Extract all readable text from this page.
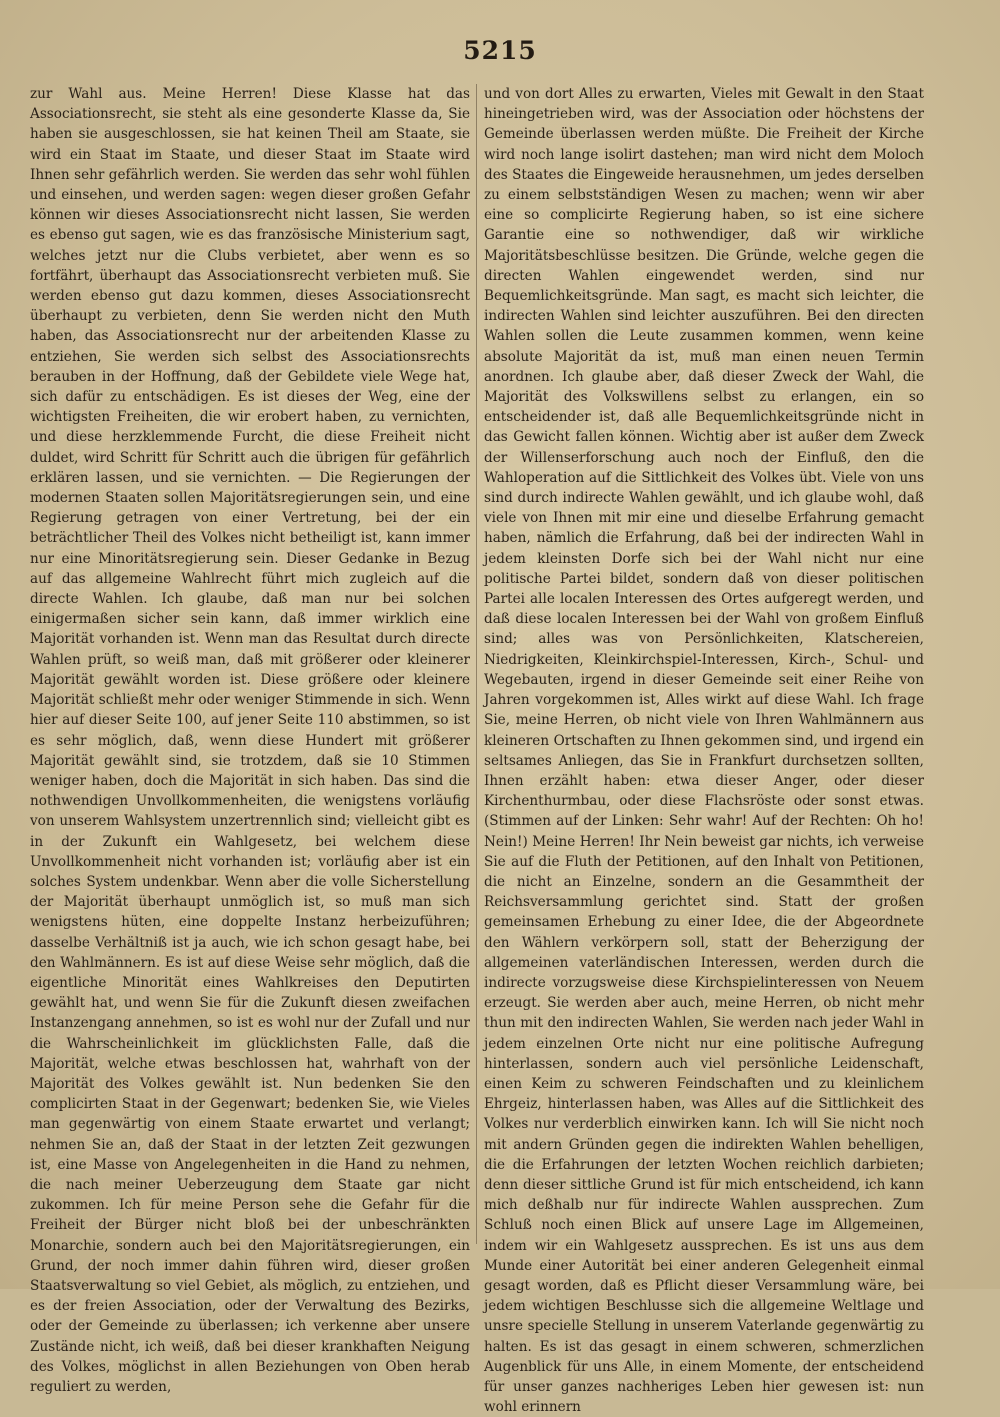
5215

zur Wahl aus. Meine Herren! Diese Klasse hat das Associationsrecht, sie steht als eine gesonderte Klasse da, Sie haben sie ausgeschlossen, sie hat keinen Theil am Staate, sie wird ein Staat im Staate, und dieser Staat im Staate wird Ihnen sehr gefährlich werden. Sie werden das sehr wohl fühlen und einsehen, und werden sagen: wegen dieser großen Gefahr können wir dieses Associationsrecht nicht lassen, Sie werden es ebenso gut sagen, wie es das französische Ministerium sagt, welches jetzt nur die Clubs verbietet, aber wenn es so fortfährt, überhaupt das Associationsrecht verbieten muß. Sie werden ebenso gut dazu kommen, dieses Associationsrecht überhaupt zu verbieten, denn Sie werden nicht den Muth haben, das Associationsrecht nur der arbeitenden Klasse zu entziehen, Sie werden sich selbst des Associationsrechts berauben in der Hoffnung, daß der Gebildete viele Wege hat, sich dafür zu entschädigen. Es ist dieses der Weg, eine der wichtigsten Freiheiten, die wir erobert haben, zu vernichten, und diese herzklemmende Furcht, die diese Freiheit nicht duldet, wird Schritt für Schritt auch die übrigen für gefährlich erklären lassen, und sie vernichten. — Die Regierungen der modernen Staaten sollen Majoritätsregierungen sein, und eine Regierung getragen von einer Vertretung, bei der ein beträchtlicher Theil des Volkes nicht betheiligt ist, kann immer nur eine Minoritätsregierung sein. Dieser Gedanke in Bezug auf das allgemeine Wahlrecht führt mich zugleich auf die directe Wahlen. Ich glaube, daß man nur bei solchen einigermaßen sicher sein kann, daß immer wirklich eine Majorität vorhanden ist. Wenn man das Resultat durch directe Wahlen prüft, so weiß man, daß mit größerer oder kleinerer Majorität gewählt worden ist. Diese größere oder kleinere Majorität schließt mehr oder weniger Stimmende in sich. Wenn hier auf dieser Seite 100, auf jener Seite 110 abstimmen, so ist es sehr möglich, daß, wenn diese Hundert mit größerer Majorität gewählt sind, sie trotzdem, daß sie 10 Stimmen weniger haben, doch die Majorität in sich haben. Das sind die nothwendigen Unvollkommenheiten, die wenigstens vorläufig von unserem Wahlsystem unzertrennlich sind; vielleicht gibt es in der Zukunft ein Wahlgesetz, bei welchem diese Unvollkommenheit nicht vorhanden ist; vorläufig aber ist ein solches System undenkbar. Wenn aber die volle Sicherstellung der Majorität überhaupt unmöglich ist, so muß man sich wenigstens hüten, eine doppelte Instanz herbeizuführen; dasselbe Verhältniß ist ja auch, wie ich schon gesagt habe, bei den Wahlmännern. Es ist auf diese Weise sehr möglich, daß die eigentliche Minorität eines Wahlkreises den Deputirten gewählt hat, und wenn Sie für die Zukunft diesen zweifachen Instanzengang annehmen, so ist es wohl nur der Zufall und nur die Wahrscheinlichkeit im glücklichsten Falle, daß die Majorität, welche etwas beschlossen hat, wahrhaft von der Majorität des Volkes gewählt ist. Nun bedenken Sie den complicirten Staat in der Gegenwart; bedenken Sie, wie Vieles man gegenwärtig von einem Staate erwartet und verlangt; nehmen Sie an, daß der Staat in der letzten Zeit gezwungen ist, eine Masse von Angelegenheiten in die Hand zu nehmen, die nach meiner Ueberzeugung dem Staate gar nicht zukommen. Ich für meine Person sehe die Gefahr für die Freiheit der Bürger nicht bloß bei der unbeschränkten Monarchie, sondern auch bei den Majoritätsregierungen, ein Grund, der noch immer dahin führen wird, dieser großen Staatsverwaltung so viel Gebiet, als möglich, zu entziehen, und es der freien Association, oder der Verwaltung des Bezirks, oder der Gemeinde zu überlassen; ich verkenne aber unsere Zustände nicht, ich weiß, daß bei dieser krankhaften Neigung des Volkes, möglichst in allen Beziehungen von Oben herab reguliert zu werden,

und von dort Alles zu erwarten, Vieles mit Gewalt in den Staat hineingetrieben wird, was der Association oder höchstens der Gemeinde überlassen werden müßte. Die Freiheit der Kirche wird noch lange isolirt dastehen; man wird nicht dem Moloch des Staates die Eingeweide herausnehmen, um jedes derselben zu einem selbstständigen Wesen zu machen; wenn wir aber eine so complicirte Regierung haben, so ist eine sichere Garantie eine so nothwendiger, daß wir wirkliche Majoritätsbeschlüsse besitzen. Die Gründe, welche gegen die directen Wahlen eingewendet werden, sind nur Bequemlichkeitsgründe. Man sagt, es macht sich leichter, die indirecten Wahlen sind leichter auszuführen. Bei den directen Wahlen sollen die Leute zusammen kommen, wenn keine absolute Majorität da ist, muß man einen neuen Termin anordnen. Ich glaube aber, daß dieser Zweck der Wahl, die Majorität des Volkswillens selbst zu erlangen, ein so entscheidender ist, daß alle Bequemlichkeitsgründe nicht in das Gewicht fallen können. Wichtig aber ist außer dem Zweck der Willenserforschung auch noch der Einfluß, den die Wahloperation auf die Sittlichkeit des Volkes übt. Viele von uns sind durch indirecte Wahlen gewählt, und ich glaube wohl, daß viele von Ihnen mit mir eine und dieselbe Erfahrung gemacht haben, nämlich die Erfahrung, daß bei der indirecten Wahl in jedem kleinsten Dorfe sich bei der Wahl nicht nur eine politische Partei bildet, sondern daß von dieser politischen Partei alle localen Interessen des Ortes aufgeregt werden, und daß diese localen Interessen bei der Wahl von großem Einfluß sind; alles was von Persönlichkeiten, Klatschereien, Niedrigkeiten, Kleinkirchspiel-Interessen, Kirch-, Schul- und Wegebauten, irgend in dieser Gemeinde seit einer Reihe von Jahren vorgekommen ist, Alles wirkt auf diese Wahl. Ich frage Sie, meine Herren, ob nicht viele von Ihren Wahlmännern aus kleineren Ortschaften zu Ihnen gekommen sind, und irgend ein seltsames Anliegen, das Sie in Frankfurt durchsetzen sollten, Ihnen erzählt haben: etwa dieser Anger, oder dieser Kirchenthurmbau, oder diese Flachsröste oder sonst etwas. (Stimmen auf der Linken: Sehr wahr! Auf der Rechten: Oh ho! Nein!) Meine Herren! Ihr Nein beweist gar nichts, ich verweise Sie auf die Fluth der Petitionen, auf den Inhalt von Petitionen, die nicht an Einzelne, sondern an die Gesammtheit der Reichsversammlung gerichtet sind. Statt der großen gemeinsamen Erhebung zu einer Idee, die der Abgeordnete den Wählern verkörpern soll, statt der Beherzigung der allgemeinen vaterländischen Interessen, werden durch die indirecte vorzugsweise diese Kirchspielinteressen von Neuem erzeugt. Sie werden aber auch, meine Herren, ob nicht mehr thun mit den indirecten Wahlen, Sie werden nach jeder Wahl in jedem einzelnen Orte nicht nur eine politische Aufregung hinterlassen, sondern auch viel persönliche Leidenschaft, einen Keim zu schweren Feindschaften und zu kleinlichem Ehrgeiz, hinterlassen haben, was Alles auf die Sittlichkeit des Volkes nur verderblich einwirken kann. Ich will Sie nicht noch mit andern Gründen gegen die indirekten Wahlen behelligen, die die Erfahrungen der letzten Wochen reichlich darbieten; denn dieser sittliche Grund ist für mich entscheidend, ich kann mich deßhalb nur für indirecte Wahlen aussprechen. Zum Schluß noch einen Blick auf unsere Lage im Allgemeinen, indem wir ein Wahlgesetz aussprechen. Es ist uns aus dem Munde einer Autorität bei einer anderen Gelegenheit einmal gesagt worden, daß es Pflicht dieser Versammlung wäre, bei jedem wichtigen Beschlusse sich die allgemeine Weltlage und unsre specielle Stellung in unserem Vaterlande gegenwärtig zu halten. Es ist das gesagt in einem schweren, schmerzlichen Augenblick für uns Alle, in einem Momente, der entscheidend für unser ganzes nachheriges Leben hier gewesen ist: nun wohl erinnern
